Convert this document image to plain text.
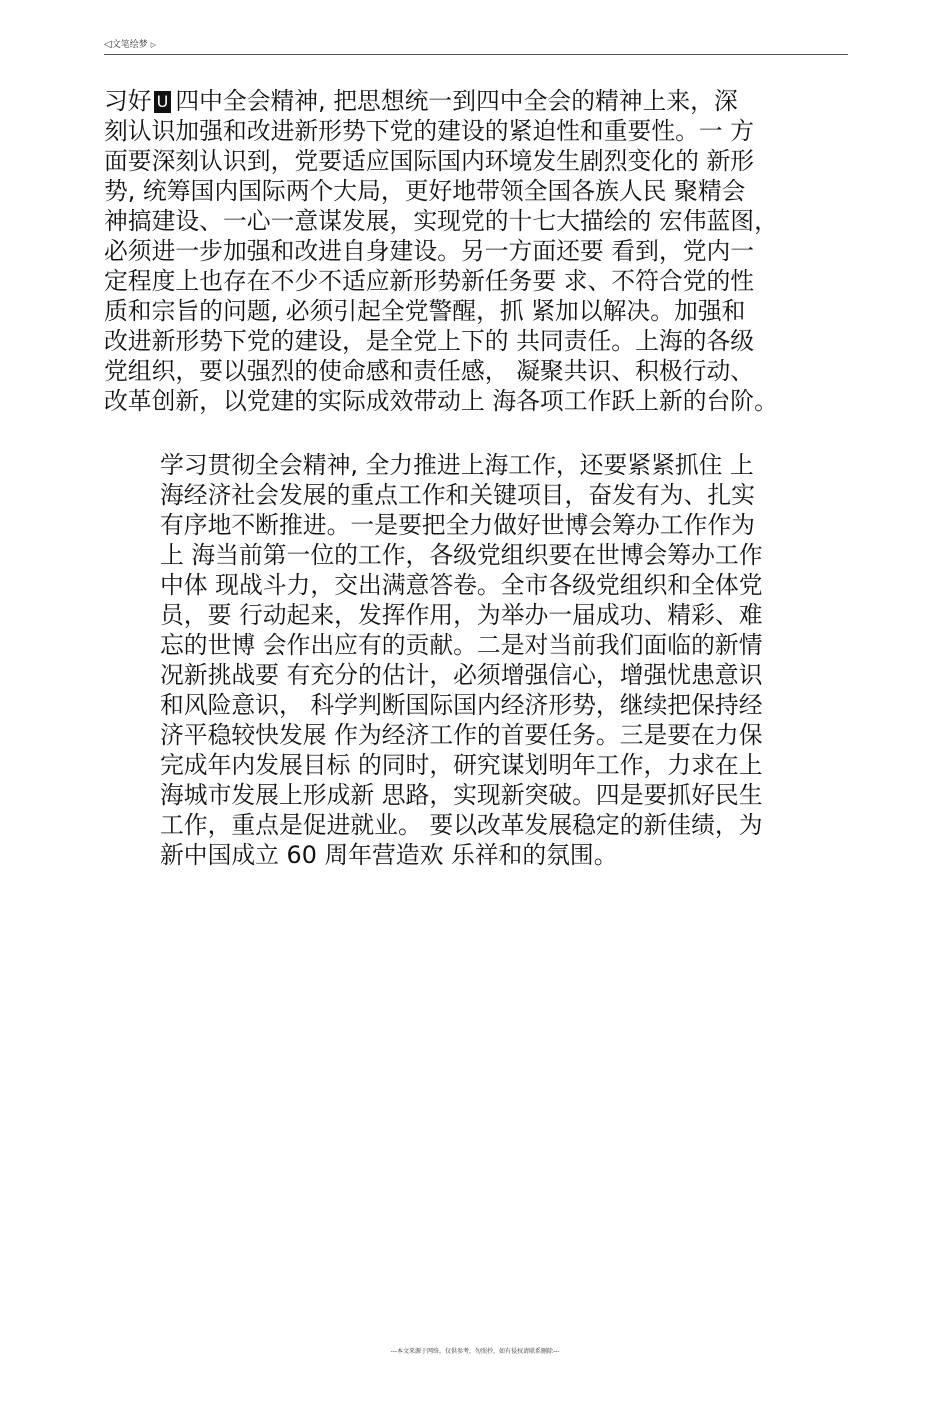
◁文笔绘梦 ▷
习好 U 四中全会精神, 把思想统一到四中全会的精神上来，深
刻认识加强和改进新形势下党的建设的紧迫性和重要性。一 方
面要深刻认识到，党要适应国际国内环境发生剧烈变化的 新形
势, 统筹国内国际两个大局，更好地带领全国各族人民 聚精会
神搞建设、一心一意谋发展，实现党的十七大描绘的 宏伟蓝图，
必须进一步加强和改进自身建设。另一方面还要 看到，党内一
定程度上也存在不少不适应新形势新任务要 求、不符合党的性
质和宗旨的问题, 必须引起全党警醒，抓 紧加以解决。加强和
改进新形势下党的建设，是全党上下的 共同责任。上海的各级
党组织，要以强烈的使命感和责任感， 凝聚共识、积极行动、
改革创新，以党建的实际成效带动上 海各项工作跃上新的台阶。
学习贯彻全会精神, 全力推进上海工作，还要紧紧抓住 上
海经济社会发展的重点工作和关键项目，奋发有为、扎实
有序地不断推进。一是要把全力做好世博会筹办工作作为
上 海当前第一位的工作，各级党组织要在世博会筹办工作
中体 现战斗力，交出满意答卷。全市各级党组织和全体党
员，要 行动起来，发挥作用，为举办一届成功、精彩、难
忘的世博 会作出应有的贡献。二是对当前我们面临的新情
况新挑战要 有充分的估计，必须增强信心，增强忧患意识
和风险意识， 科学判断国际国内经济形势，继续把保持经
济平稳较快发展 作为经济工作的首要任务。三是要在力保
完成年内发展目标 的同时，研究谋划明年工作，力求在上
海城市发展上形成新 思路，实现新突破。四是要抓好民生
工作，重点是促进就业。 要以改革发展稳定的新佳绩，为
新中国成立 60 周年营造欢 乐祥和的氛围。
---本文来源于网络，仅供参考，勿照抄，如有侵权请联系删除---
